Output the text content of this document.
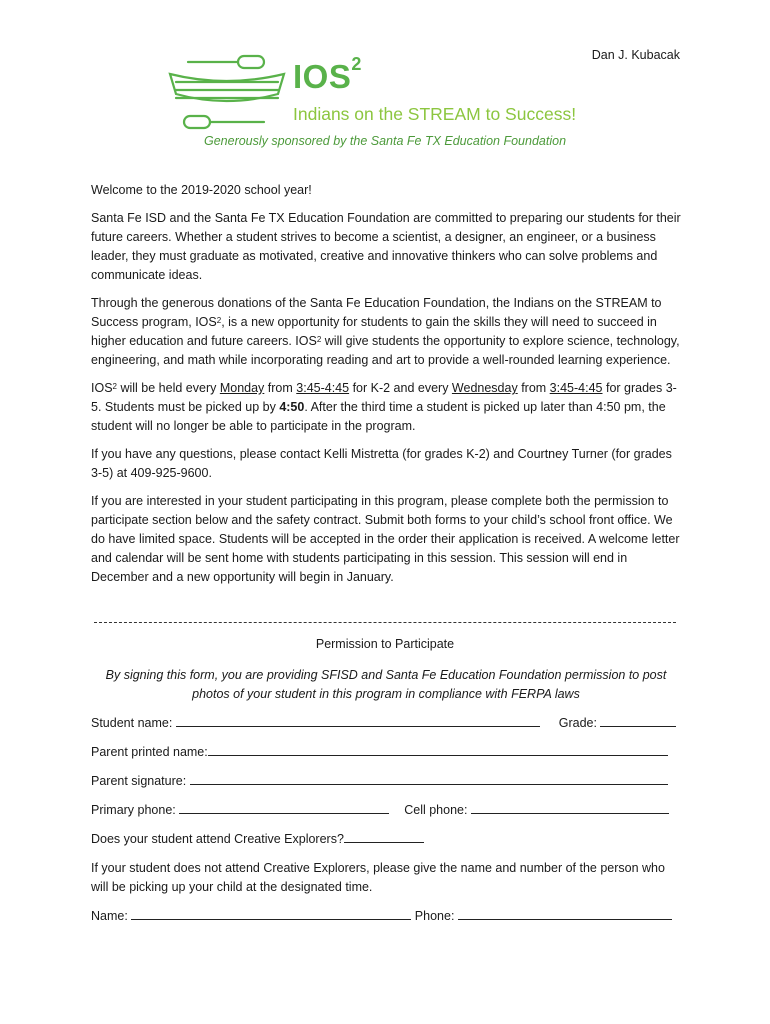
Dan J. Kubacak
IOS$^2$
Indians on the STREAM to Success!
Generously sponsored by the Santa Fe TX Education Foundation

Welcome to the 2019-2020 school year!

Santa Fe ISD and the Santa Fe TX Education Foundation are committed to preparing our students for their future careers. Whether a student strives to become a scientist, a designer, an engineer, or a business leader, they must graduate as motivated, creative and innovative thinkers who can solve problems and communicate ideas.

Through the generous donations of the Santa Fe Education Foundation, the Indians on the STREAM to Success program, IOS$^2$, is a new opportunity for students to gain the skills they will need to succeed in higher education and future careers. IOS$^2$ will give students the opportunity to explore science, technology, engineering, and math while incorporating reading and art to provide a well-rounded learning experience.

IOS$^2$ will be held every Monday from 3:45-4:45 for K-2 and every Wednesday from 3:45-4:45 for grades 3-5. Students must be picked up by 4:50. After the third time a student is picked up later than 4:50 pm, the student will no longer be able to participate in the program.

If you have any questions, please contact Kelli Mistretta (for grades K-2) and Courtney Turner (for grades 3-5) at 409-925-9600.

If you are interested in your student participating in this program, please complete both the permission to participate section below and the safety contract. Submit both forms to your child’s school front office. We do have limited space. Students will be accepted in the order their application is received. A welcome letter and calendar will be sent home with students participating in this session. This session will end in December and a new opportunity will begin in January.

Permission to Participate
By signing this form, you are providing SFISD and Santa Fe Education Foundation permission to post photos of your student in this program in compliance with FERPA laws
Student name:	Grade:
Parent printed name:
Parent signature:
Primary phone:	Cell phone:
Does your student attend Creative Explorers?

If your student does not attend Creative Explorers, please give the name and number of the person who will be picking up your child at the designated time.

Name:	Phone:
